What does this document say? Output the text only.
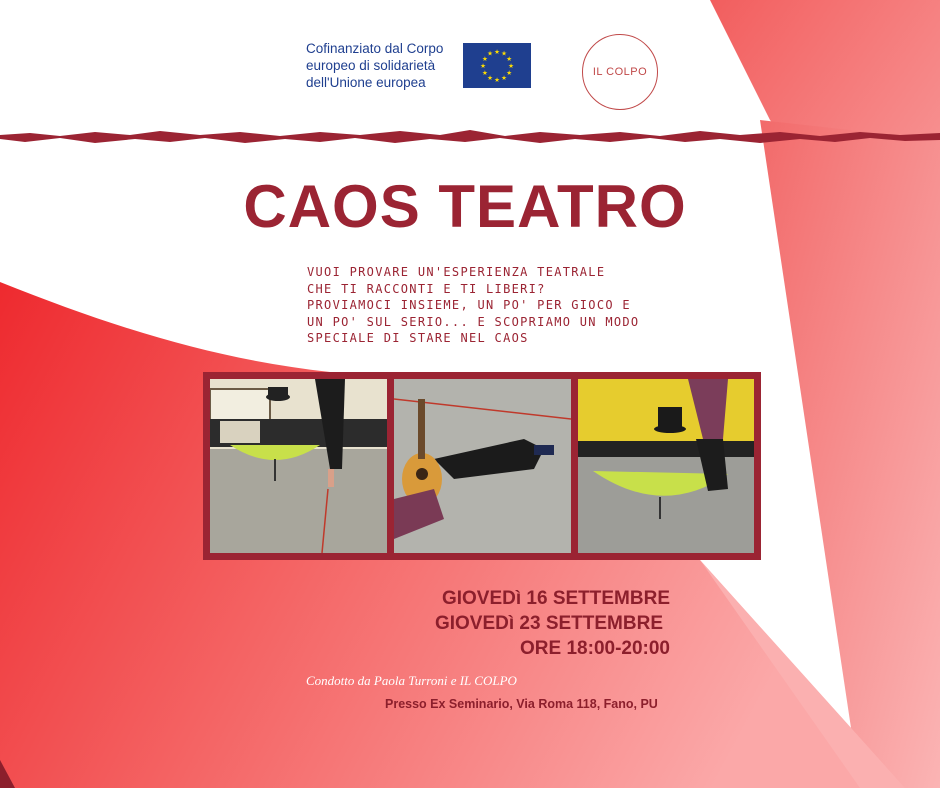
Cofinanziato dal Corpo
europeo di solidarietà
dell'Unione europea
★ ★
★
★
★
★
★
★
★
★
★
★
IL COLPO
CAOS TEATRO
VUOI PROVARE UN'ESPERIENZA TEATRALE
CHE TI RACCONTI E TI LIBERI?
PROVIAMOCI INSIEME, UN PO' PER GIOCO E
UN PO' SUL SERIO... E SCOPRIAMO UN MODO
SPECIALE DI STARE NEL CAOS
GIOVEDì 16 SETTEMBRE
GIOVEDì 23 SETTEMBRE
ORE 18:00-20:00
Condotto da Paola Turroni e IL COLPO
Presso Ex Seminario, Via Roma 118, Fano, PU
